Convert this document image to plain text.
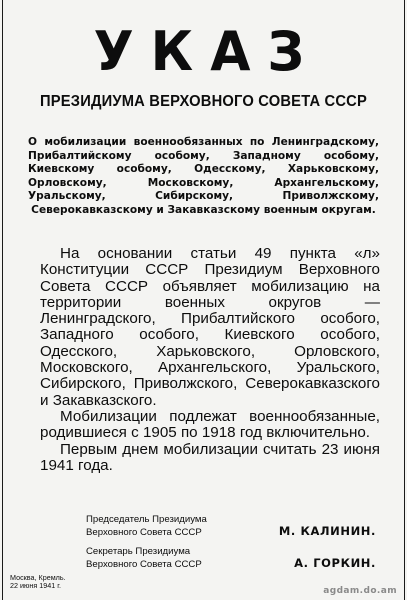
УКАЗ
ПРЕЗИДИУМА ВЕРХОВНОГО СОВЕТА СССР
О мобилизации военнообязанных по Ленинградскому, Прибалтийскому особому, Западному особому, Киевскому особому, Одесскому, Харьковскому, Орловскому, Московскому, Архангельскому, Уральскому, Сибирскому, Приволжскому, Северокавказскому и Закавказскому военным округам.

На основании статьи 49 пункта «л» Конституции СССР Президиум Верховного Совета СССР объявляет мобилизацию на территории военных округов — Ленинградского, Прибалтийского особого, Западного особого, Киевского особого, Одесского, Харьковского, Орловского, Московского, Архангельского, Уральского, Сибирского, Приволжского, Северокавказского и Закавказского.

Мобилизации подлежат военнообязанные, родившиеся с 1905 по 1918 год включительно.

Первым днем мобилизации считать 23 июня 1941 года.

Председатель Президиума
Верховного Совета СССР	М. КАЛИНИН.
Секретарь Президиума
Верховного Совета СССР	А. ГОРКИН.
Москва, Кремль.
22 июня 1941 г.
agdam.do.am
